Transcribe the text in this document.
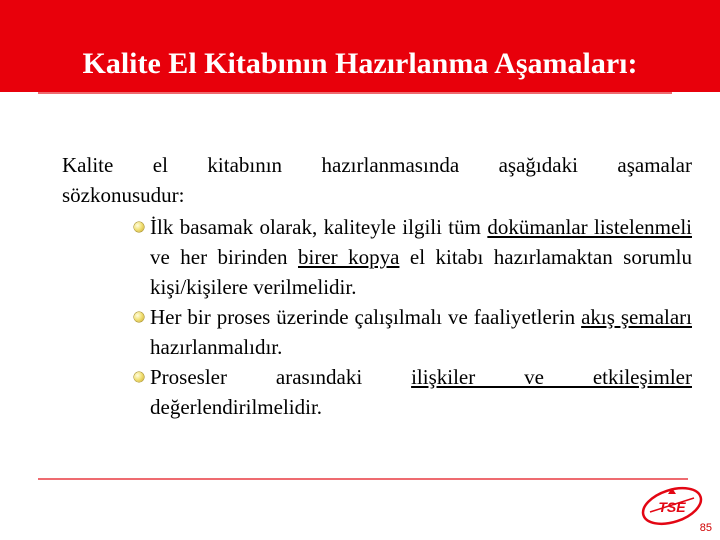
Kalite El Kitabının Hazırlanma Aşamaları:

Kalite el kitabının hazırlanmasında aşağıdaki aşamalar

sözkonusudur:

İlk basamak olarak, kaliteyle ilgili tüm dokümanlar listelenmeli ve her birinden birer kopya el kitabı hazırlamaktan sorumlu kişi/kişilere verilmelidir.
Her bir proses üzerinde çalışılmalı ve faaliyetlerin akış şemaları hazırlanmalıdır.
Prosesler arasındaki ilişkiler ve etkileşimler değerlendirilmelidir.
TSE
85
